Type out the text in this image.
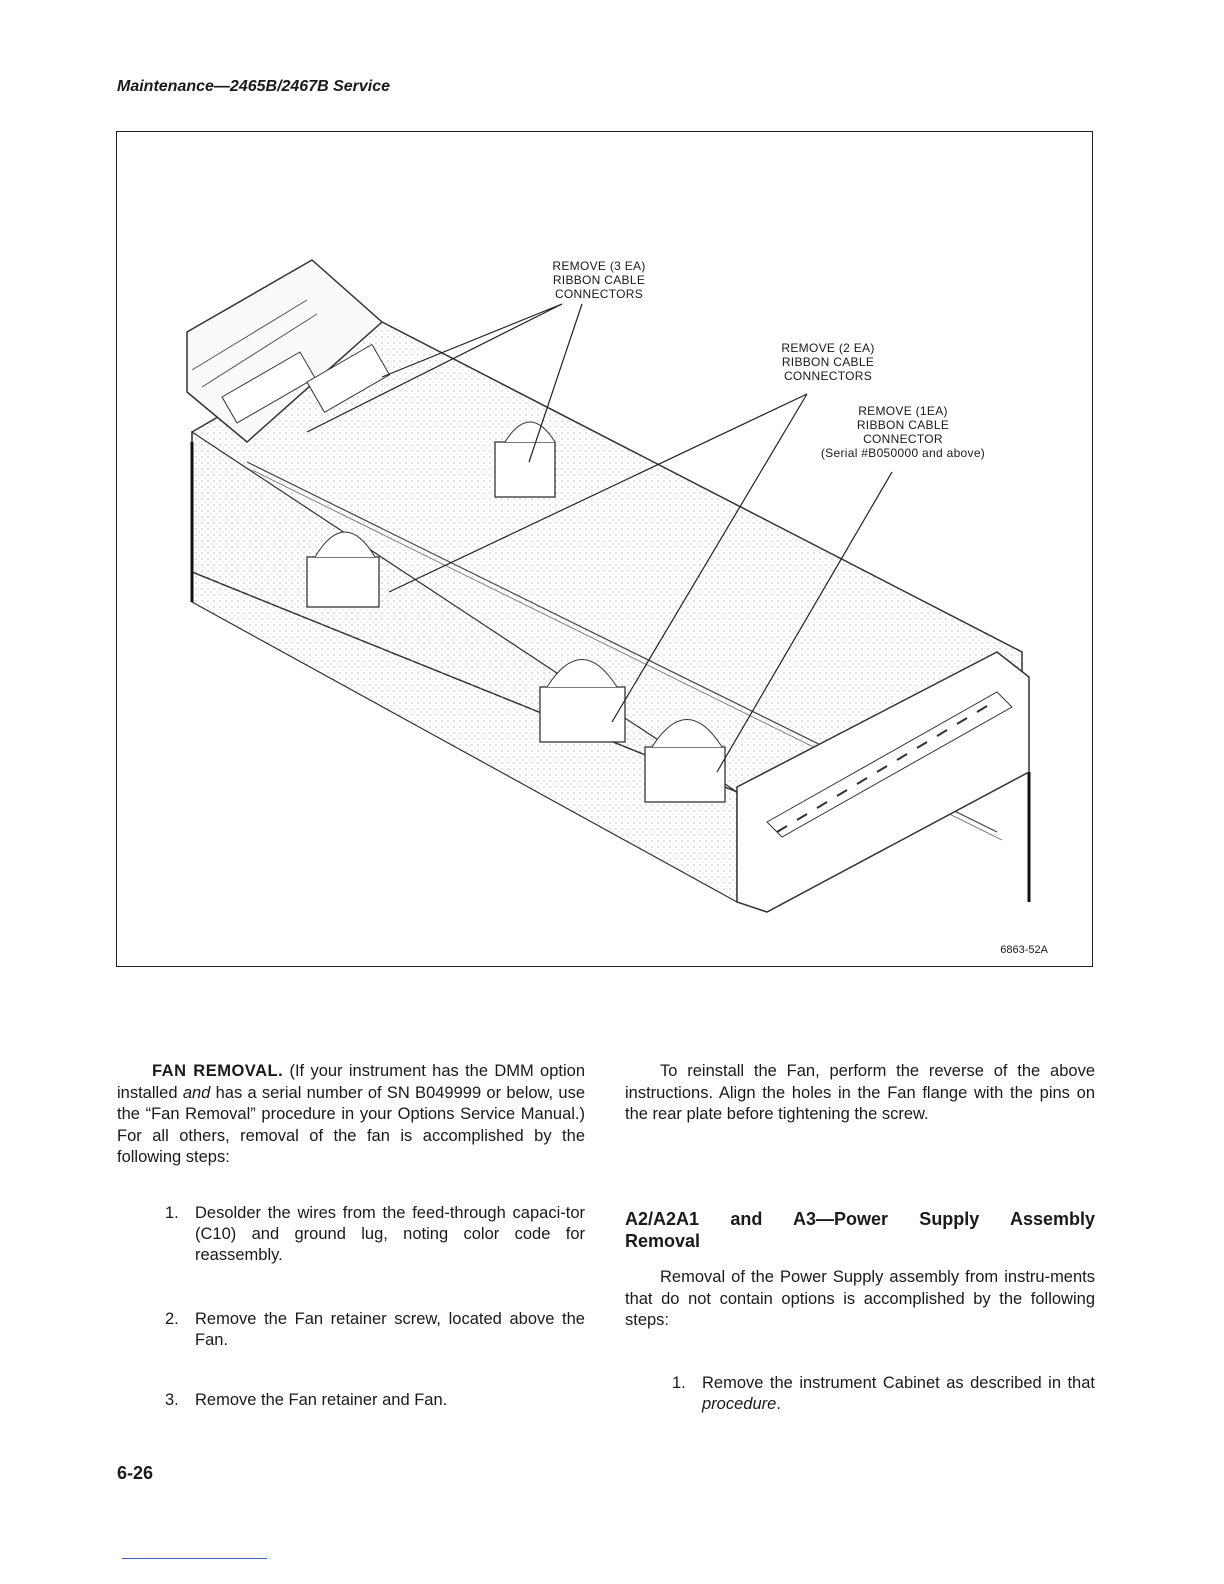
Maintenance—2465B/2467B Service
REMOVE (3 EA)
RIBBON CABLE
CONNECTORS
REMOVE (2 EA)
RIBBON CABLE
CONNECTORS
REMOVE (1EA)
RIBBON CABLE
CONNECTOR
(Serial #B050000 and above)
6863-52A

FAN REMOVAL. (If your instrument has the DMM option installed and has a serial number of SN B049999 or below, use the “Fan Removal” procedure in your Options Service Manual.) For all others, removal of the fan is accomplished by the following steps:

1. Desolder the wires from the feed-through capaci-tor (C10) and ground lug, noting color code for reassembly.
2. Remove the Fan retainer screw, located above the Fan.
3. Remove the Fan retainer and Fan.

To reinstall the Fan, perform the reverse of the above instructions. Align the holes in the Fan flange with the pins on the rear plate before tightening the screw.

A2/A2A1 and A3—Power Supply Assembly
Removal

Removal of the Power Supply assembly from instru-ments that do not contain options is accomplished by the following steps:

1. Remove the instrument Cabinet as described in that procedure.
6-26
